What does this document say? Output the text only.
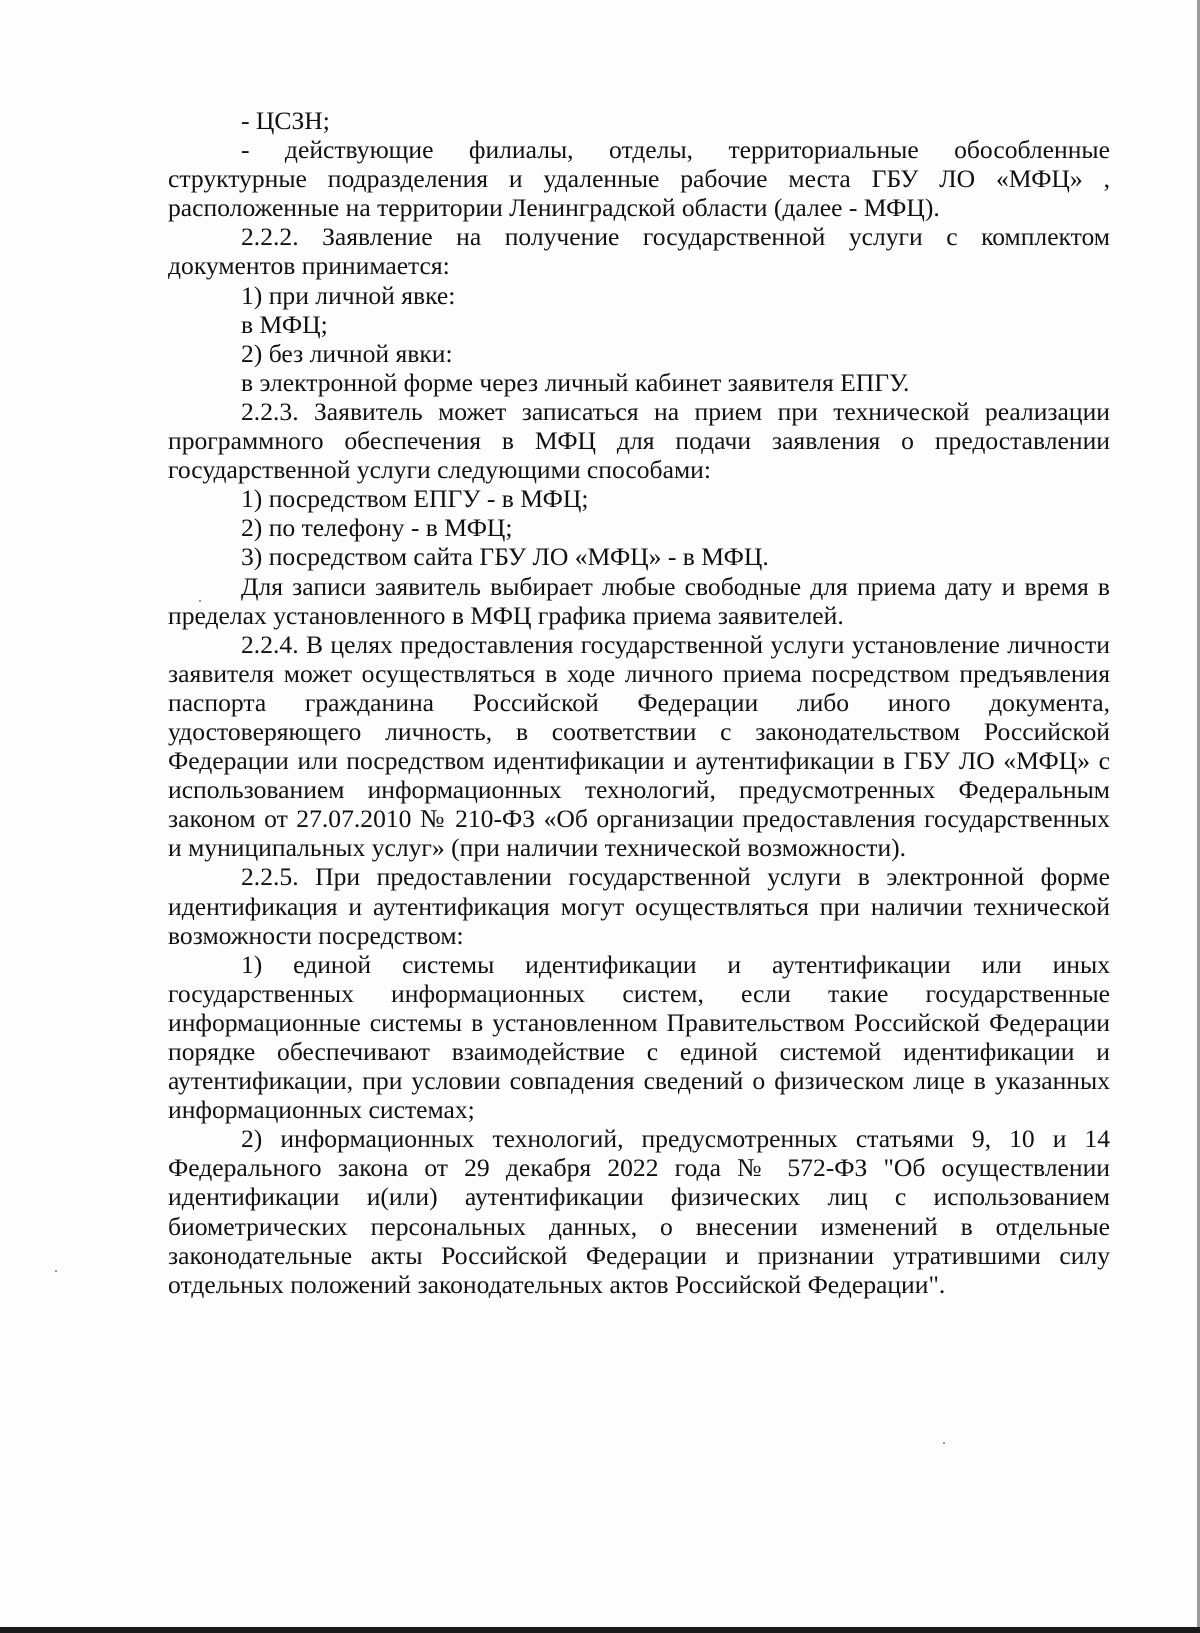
- ЦСЗН;

- действующие филиалы, отделы, территориальные обособленные структурные подразделения и удаленные рабочие места ГБУ ЛО «МФЦ» , расположенные на территории Ленинградской области (далее - МФЦ).

2.2.2. Заявление на получение государственной услуги с комплектом документов принимается:

1) при личной явке:

в МФЦ;

2) без личной явки:

в электронной форме через личный кабинет заявителя ЕПГУ.

2.2.3. Заявитель может записаться на прием при технической реализации программного обеспечения в МФЦ для подачи заявления о предоставлении государственной услуги следующими способами:

1) посредством ЕПГУ - в МФЦ;

2) по телефону - в МФЦ;

3) посредством сайта ГБУ ЛО «МФЦ» - в МФЦ.

Для записи заявитель выбирает любые свободные для приема дату и время в пределах установленного в МФЦ графика приема заявителей.

2.2.4. В целях предоставления государственной услуги установление личности заявителя может осуществляться в ходе личного приема посредством предъявления паспорта гражданина Российской Федерации либо иного документа, удостоверяющего личность, в соответствии с законодательством Российской Федерации или посредством идентификации и аутентификации в ГБУ ЛО «МФЦ» с использованием информационных технологий, предусмотренных Федеральным законом от 27.07.2010 № 210-ФЗ «Об организации предоставления государственных и муниципальных услуг» (при наличии технической возможности).

2.2.5. При предоставлении государственной услуги в электронной форме идентификация и аутентификация могут осуществляться при наличии технической возможности посредством:

1) единой системы идентификации и аутентификации или иных государственных информационных систем, если такие государственные информационные системы в установленном Правительством Российской Федерации порядке обеспечивают взаимодействие с единой системой идентификации и аутентификации, при условии совпадения сведений о физическом лице в указанных информационных системах;

2) информационных технологий, предусмотренных статьями 9, 10 и 14 Федерального закона от 29 декабря 2022 года № 572-ФЗ "Об осуществлении идентификации и(или) аутентификации физических лиц с использованием биометрических персональных данных, о внесении изменений в отдельные законодательные акты Российской Федерации и признании утратившими силу отдельных положений законодательных актов Российской Федерации".
